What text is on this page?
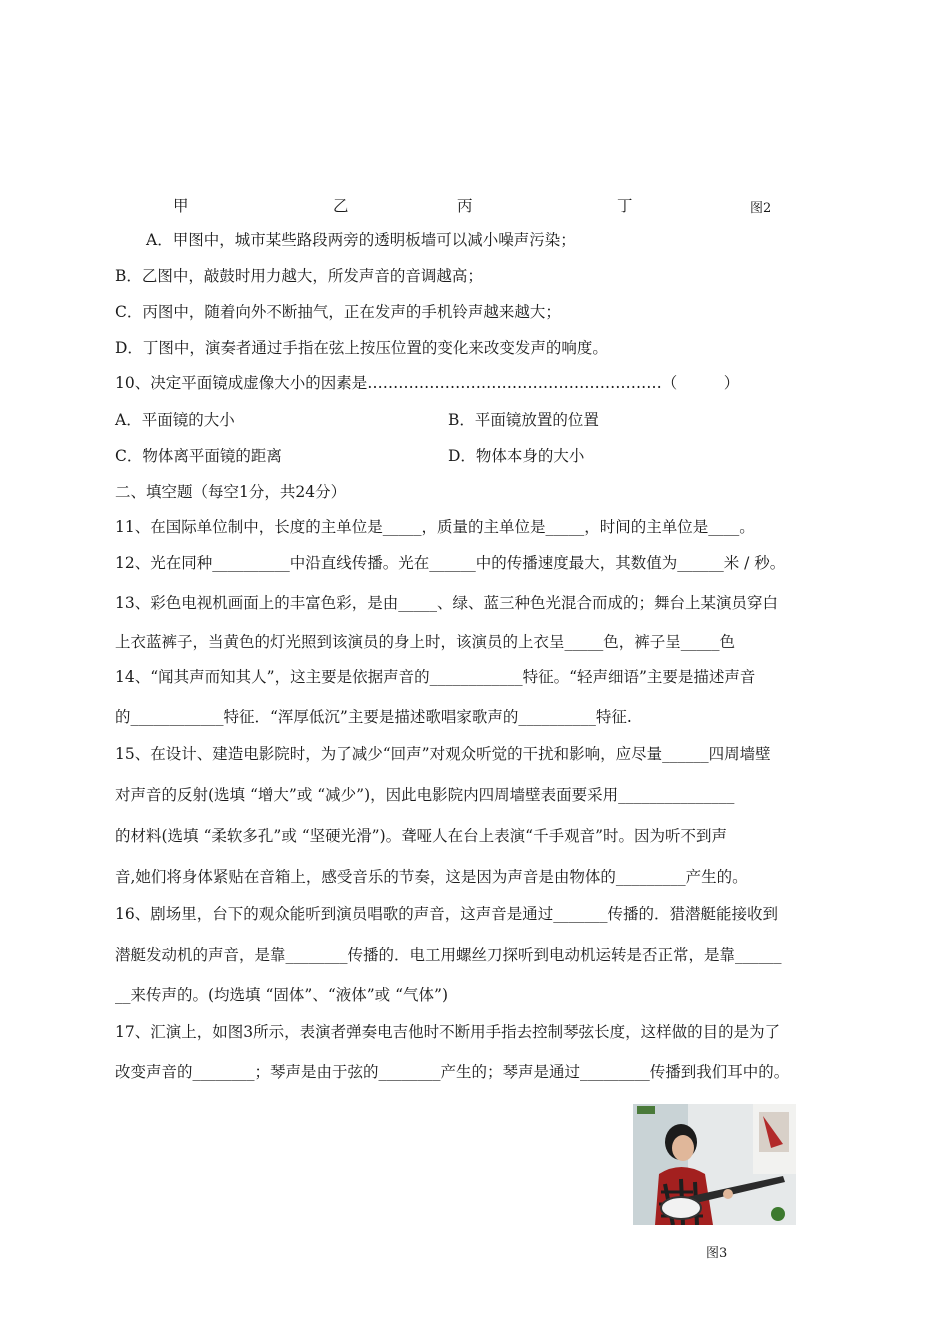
甲	乙	丙	丁	图2
A．甲图中，城市某些路段两旁的透明板墙可以减小噪声污染；
B．乙图中，敲鼓时用力越大，所发声音的音调越高；
C．丙图中，随着向外不断抽气，正在发声的手机铃声越来越大；
D．丁图中，演奏者通过手指在弦上按压位置的变化来改变发声的响度。
10、决定平面镜成虚像大小的因素是…………………………………………………（　　　）
A．平面镜的大小	B．平面镜放置的位置
C．物体离平面镜的距离	D．物体本身的大小
二、填空题（每空1分，共24分）
11、在国际单位制中，长度的主单位是_____，质量的主单位是_____，时间的主单位是____。
12、光在同种__________中沿直线传播。光在______中的传播速度最大，其数值为______米 / 秒。
13、彩色电视机画面上的丰富色彩，是由_____、绿、蓝三种色光混合而成的；舞台上某演员穿白
上衣蓝裤子，当黄色的灯光照到该演员的身上时，该演员的上衣呈_____色，裤子呈_____色
14、“闻其声而知其人”，这主要是依据声音的____________特征。“轻声细语”主要是描述声音
的____________特征．“浑厚低沉”主要是描述歌唱家歌声的__________特征.
15、在设计、建造电影院时，为了减少“回声”对观众听觉的干扰和影响，应尽量______四周墙壁
对声音的反射(选填 “增大”或 “减少”)，因此电影院内四周墙壁表面要采用_______________
的材料(选填 “柔软多孔”或 “坚硬光滑”)。聋哑人在台上表演“千手观音”时。因为听不到声
音,她们将身体紧贴在音箱上，感受音乐的节奏，这是因为声音是由物体的_________产生的。
16、剧场里，台下的观众能听到演员唱歌的声音，这声音是通过_______传播的．猎潜艇能接收到
潜艇发动机的声音，是靠________传播的．电工用螺丝刀探听到电动机运转是否正常，是靠______
__来传声的。(均选填 “固体”、“液体”或 “气体”)
17、汇演上，如图3所示，表演者弹奏电吉他时不断用手指去控制琴弦长度，这样做的目的是为了
改变声音的________；琴声是由于弦的________产生的；琴声是通过_________传播到我们耳中的。
图3
